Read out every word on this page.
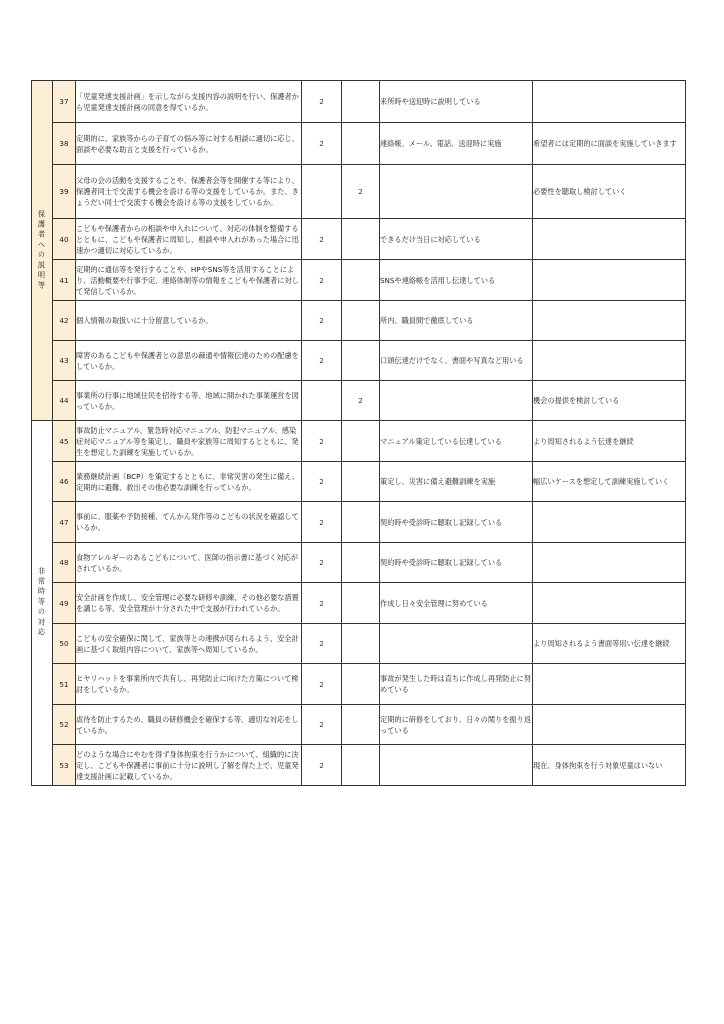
保護者への説明等	37	「児童発達支援計画」を示しながら支援内容の説明を行い、保護者から児童発達支援計画の同意を得ているか。	2		来所時や送迎時に説明している	
	38	定期的に、家族等からの子育ての悩み等に対する相談に適切に応じ、面談や必要な助言と支援を行っているか。	2		連絡帳、メール、電話、送迎時に実施	希望者には定期的に面談を実施していきます
	39	父母の会の活動を支援することや、保護者会等を開催する等により、保護者同士で交流する機会を設ける等の支援をしているか。また、きょうだい同士で交流する機会を設ける等の支援をしているか。		2		必要性を聴取し検討していく
	40	こどもや保護者からの相談や申入れについて、対応の体制を整備するとともに、こどもや保護者に周知し、相談や申入れがあった場合に迅速かつ適切に対応しているか。	2		できるだけ当日に対応している	
	41	定期的に通信等を発行することや、HPやSNS等を活用することにより、活動概要や行事予定、連絡体制等の情報をこどもや保護者に対して発信しているか。	2		SNSや連絡帳を活用し伝達している	
	42	個人情報の取扱いに十分留意しているか。	2		所内、職員間で徹底している	
	43	障害のあるこどもや保護者との意思の疎通や情報伝達のための配慮をしているか。	2		口頭伝達だけでなく、書面や写真など用いる	
	44	事業所の行事に地域住民を招待する等、地域に開かれた事業運営を図っているか。		2		機会の提供を検討している
非常時等の対応	45	事故防止マニュアル、緊急時対応マニュアル、防犯マニュアル、感染症対応マニュアル等を策定し、職員や家族等に周知するとともに、発生を想定した訓練を実施しているか。	2		マニュアル策定している伝達している	より周知されるよう伝達を継続
	46	業務継続計画（BCP）を策定するとともに、非常災害の発生に備え、定期的に避難、救出その他必要な訓練を行っているか。	2		策定し、災害に備え避難訓練を実施	幅広いケースを想定して訓練実施していく
	47	事前に、服薬や予防接種、てんかん発作等のこどもの状況を確認しているか。	2		契約時や受診時に聴取し記録している	
	48	食物アレルギーのあるこどもについて、医師の指示書に基づく対応がされているか。	2		契約時や受診時に聴取し記録している	
	49	安全計画を作成し、安全管理に必要な研修や訓練、その他必要な措置を講じる等、安全管理が十分された中で支援が行われているか。	2		作成し日々安全管理に努めている	
	50	こどもの安全確保に関して、家族等との連携が図られるよう、安全計画に基づく取組内容について、家族等へ周知しているか。	2			より周知されるよう書面等用い伝達を継続
	51	ヒヤリハットを事業所内で共有し、再発防止に向けた方策について検討をしているか。	2		事故が発生した時は直ちに作成し再発防止に努めている	
	52	虐待を防止するため、職員の研修機会を確保する等、適切な対応をしているか。	2		定期的に研修をしており、日々の関りを振り返っている	
	53	どのような場合にやむを得ず身体拘束を行うかについて、組織的に決定し、こどもや保護者に事前に十分に説明し了解を得た上で、児童発達支援計画に記載しているか。	2			現在、身体拘束を行う対象児童はいない
